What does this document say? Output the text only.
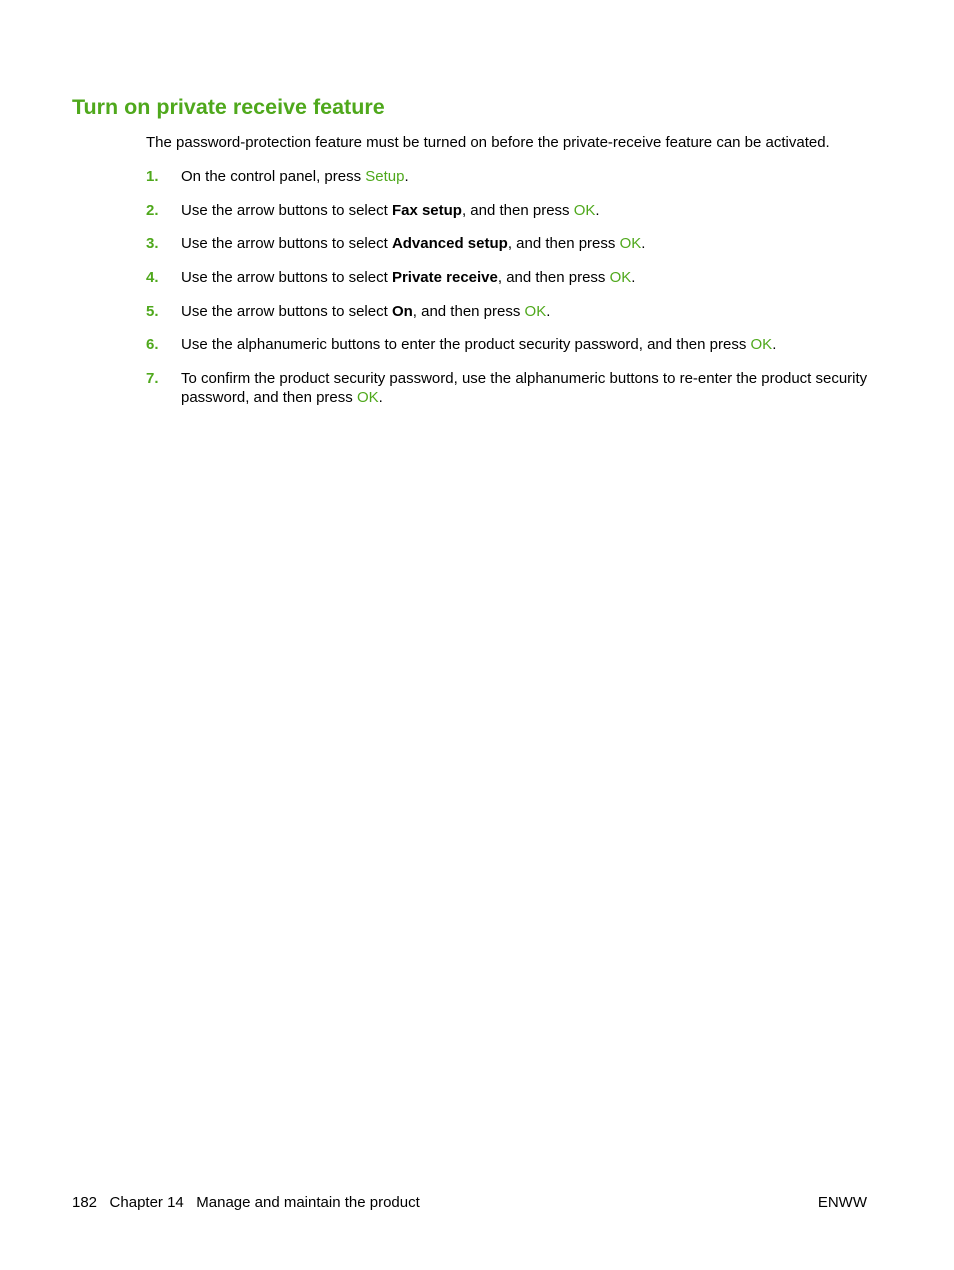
Turn on private receive feature

The password-protection feature must be turned on before the private-receive feature can be activated.

1.	On the control panel, press Setup.
2.	Use the arrow buttons to select Fax setup, and then press OK.
3.	Use the arrow buttons to select Advanced setup, and then press OK.
4.	Use the arrow buttons to select Private receive, and then press OK.
5.	Use the arrow buttons to select On, and then press OK.
6.	Use the alphanumeric buttons to enter the product security password, and then press OK.
7.	To confirm the product security password, use the alphanumeric buttons to re-enter the product security password, and then press OK.
182 Chapter 14 Manage and maintain the product	ENWW
